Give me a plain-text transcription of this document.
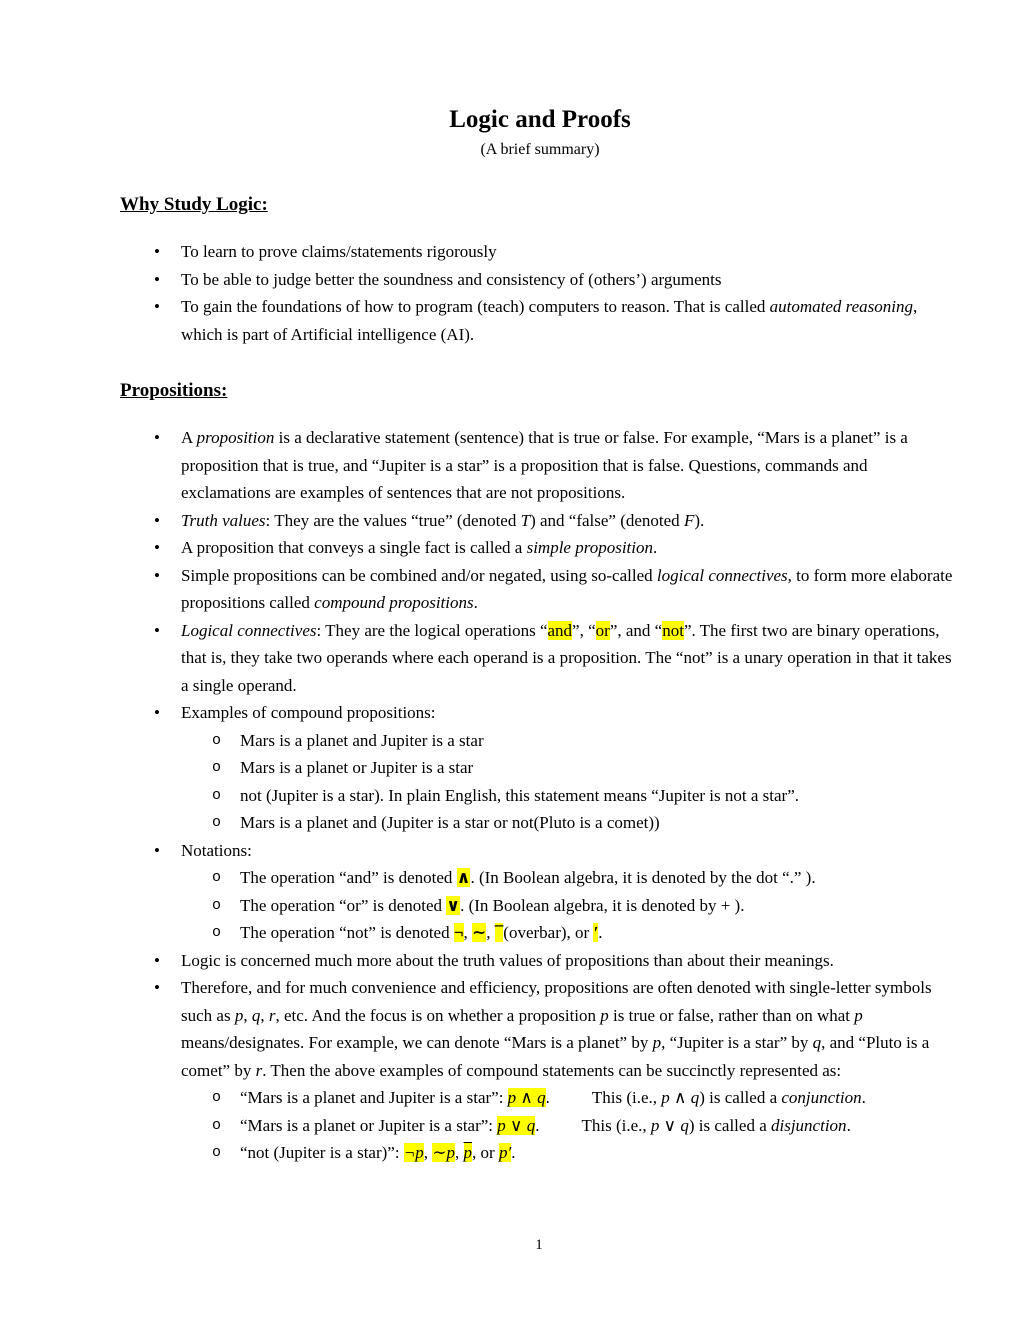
Logic and Proofs
(A brief summary)
Why Study Logic:
•	To learn to prove claims/statements rigorously
•	To be able to judge better the soundness and consistency of (others’) arguments
•	To gain the foundations of how to program (teach) computers to reason. That is called automated reasoning, which is part of Artificial intelligence (AI).
Propositions:
•	A proposition is a declarative statement (sentence) that is true or false. For example, “Mars is a planet” is a proposition that is true, and “Jupiter is a star” is a proposition that is false. Questions, commands and exclamations are examples of sentences that are not propositions.
•	Truth values: They are the values “true” (denoted T) and “false” (denoted F).
•	A proposition that conveys a single fact is called a simple proposition.
•	Simple propositions can be combined and/or negated, using so-called logical connectives, to form more elaborate propositions called compound propositions.
•	Logical connectives: They are the logical operations “and”, “or”, and “not”. The first two are binary operations, that is, they take two operands where each operand is a proposition. The “not” is a unary operation in that it takes a single operand.
•	Examples of compound propositions:
o	Mars is a planet and Jupiter is a star
o	Mars is a planet or Jupiter is a star
o	not (Jupiter is a star). In plain English, this statement means “Jupiter is not a star”.
o	Mars is a planet and (Jupiter is a star or not(Pluto is a comet))
•	Notations:
o	The operation “and” is denoted ∧. (In Boolean algebra, it is denoted by the dot “.” ).
o	The operation “or” is denoted ∨. (In Boolean algebra, it is denoted by + ).
o	The operation “not” is denoted ¬, ∼, ¯(overbar), or ′.
•	Logic is concerned much more about the truth values of propositions than about their meanings.
•	Therefore, and for much convenience and efficiency, propositions are often denoted with single-letter symbols such as p, q, r, etc. And the focus is on whether a proposition p is true or false, rather than on what p means/designates. For example, we can denote “Mars is a planet” by p, “Jupiter is a star” by q, and “Pluto is a comet” by r. Then the above examples of compound statements can be succinctly represented as:
o	“Mars is a planet and Jupiter is a star”: p ∧ q. This (i.e., p ∧ q) is called a conjunction.
o	“Mars is a planet or Jupiter is a star”: p ∨ q. This (i.e., p ∨ q) is called a disjunction.
o	“not (Jupiter is a star)”: ¬p, ∼p, $\overline{p}$, or p′.
1
